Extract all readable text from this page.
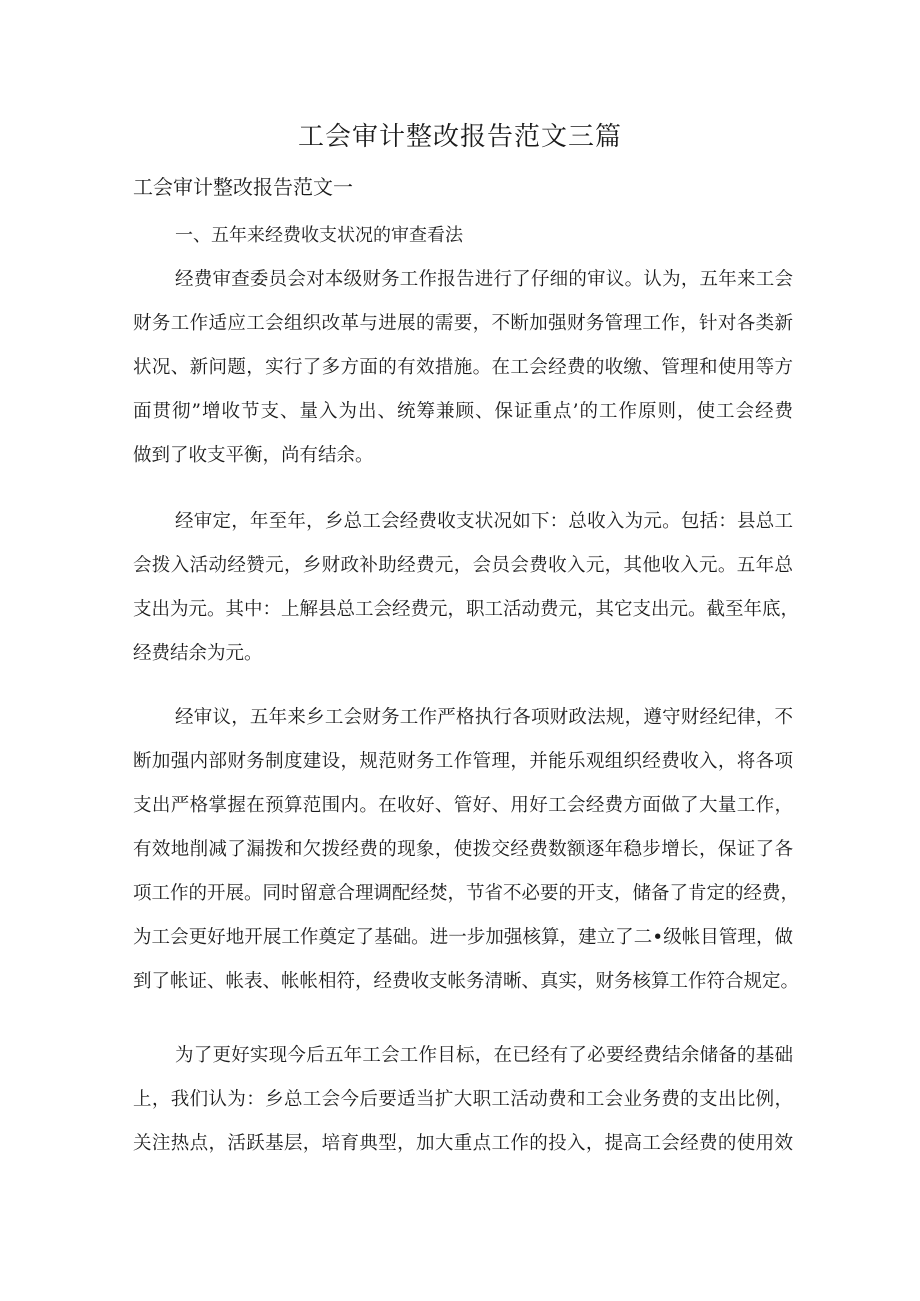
工会审计整改报告范文三篇
工会审计整改报告范文一
一、五年来经费收支状况的审查看法
经费审查委员会对本级财务工作报告进行了仔细的审议。认为，五年来工会
财务工作适应工会组织改革与进展的需要，不断加强财务管理工作，针对各类新
状况、新问题，实行了多方面的有效措施。在工会经费的收缴、管理和使用等方
面贯彻”增收节支、量入为出、统筹兼顾、保证重点’的工作原则，使工会经费
做到了收支平衡，尚有结余。
经审定，年至年，乡总工会经费收支状况如下：总收入为元。包括：县总工
会拨入活动经赞元，乡财政补助经费元，会员会费收入元，其他收入元。五年总
支出为元。其中：上解县总工会经费元，职工活动费元，其它支出元。截至年底，
经费结余为元。
经审议，五年来乡工会财务工作严格执行各项财政法规，遵守财经纪律，不
断加强内部财务制度建设，规范财务工作管理，并能乐观组织经费收入，将各项
支出严格掌握在预算范围内。在收好、管好、用好工会经费方面做了大量工作，
有效地削减了漏拨和欠拨经费的现象，使拨交经费数额逐年稳步增长，保证了各
项工作的开展。同时留意合理调配经焚，节省不必要的开支，储备了肯定的经费，
为工会更好地开展工作奠定了基础。进一步加强核算，建立了二•级帐目管理，做
到了帐证、帐表、帐帐相符，经费收支帐务清晰、真实，财务核算工作符合规定。
为了更好实现今后五年工会工作目标，在已经有了必要经费结余储备的基础
上，我们认为：乡总工会今后要适当扩大职工活动费和工会业务费的支出比例，
关注热点，活跃基层，培育典型，加大重点工作的投入，提高工会经费的使用效
